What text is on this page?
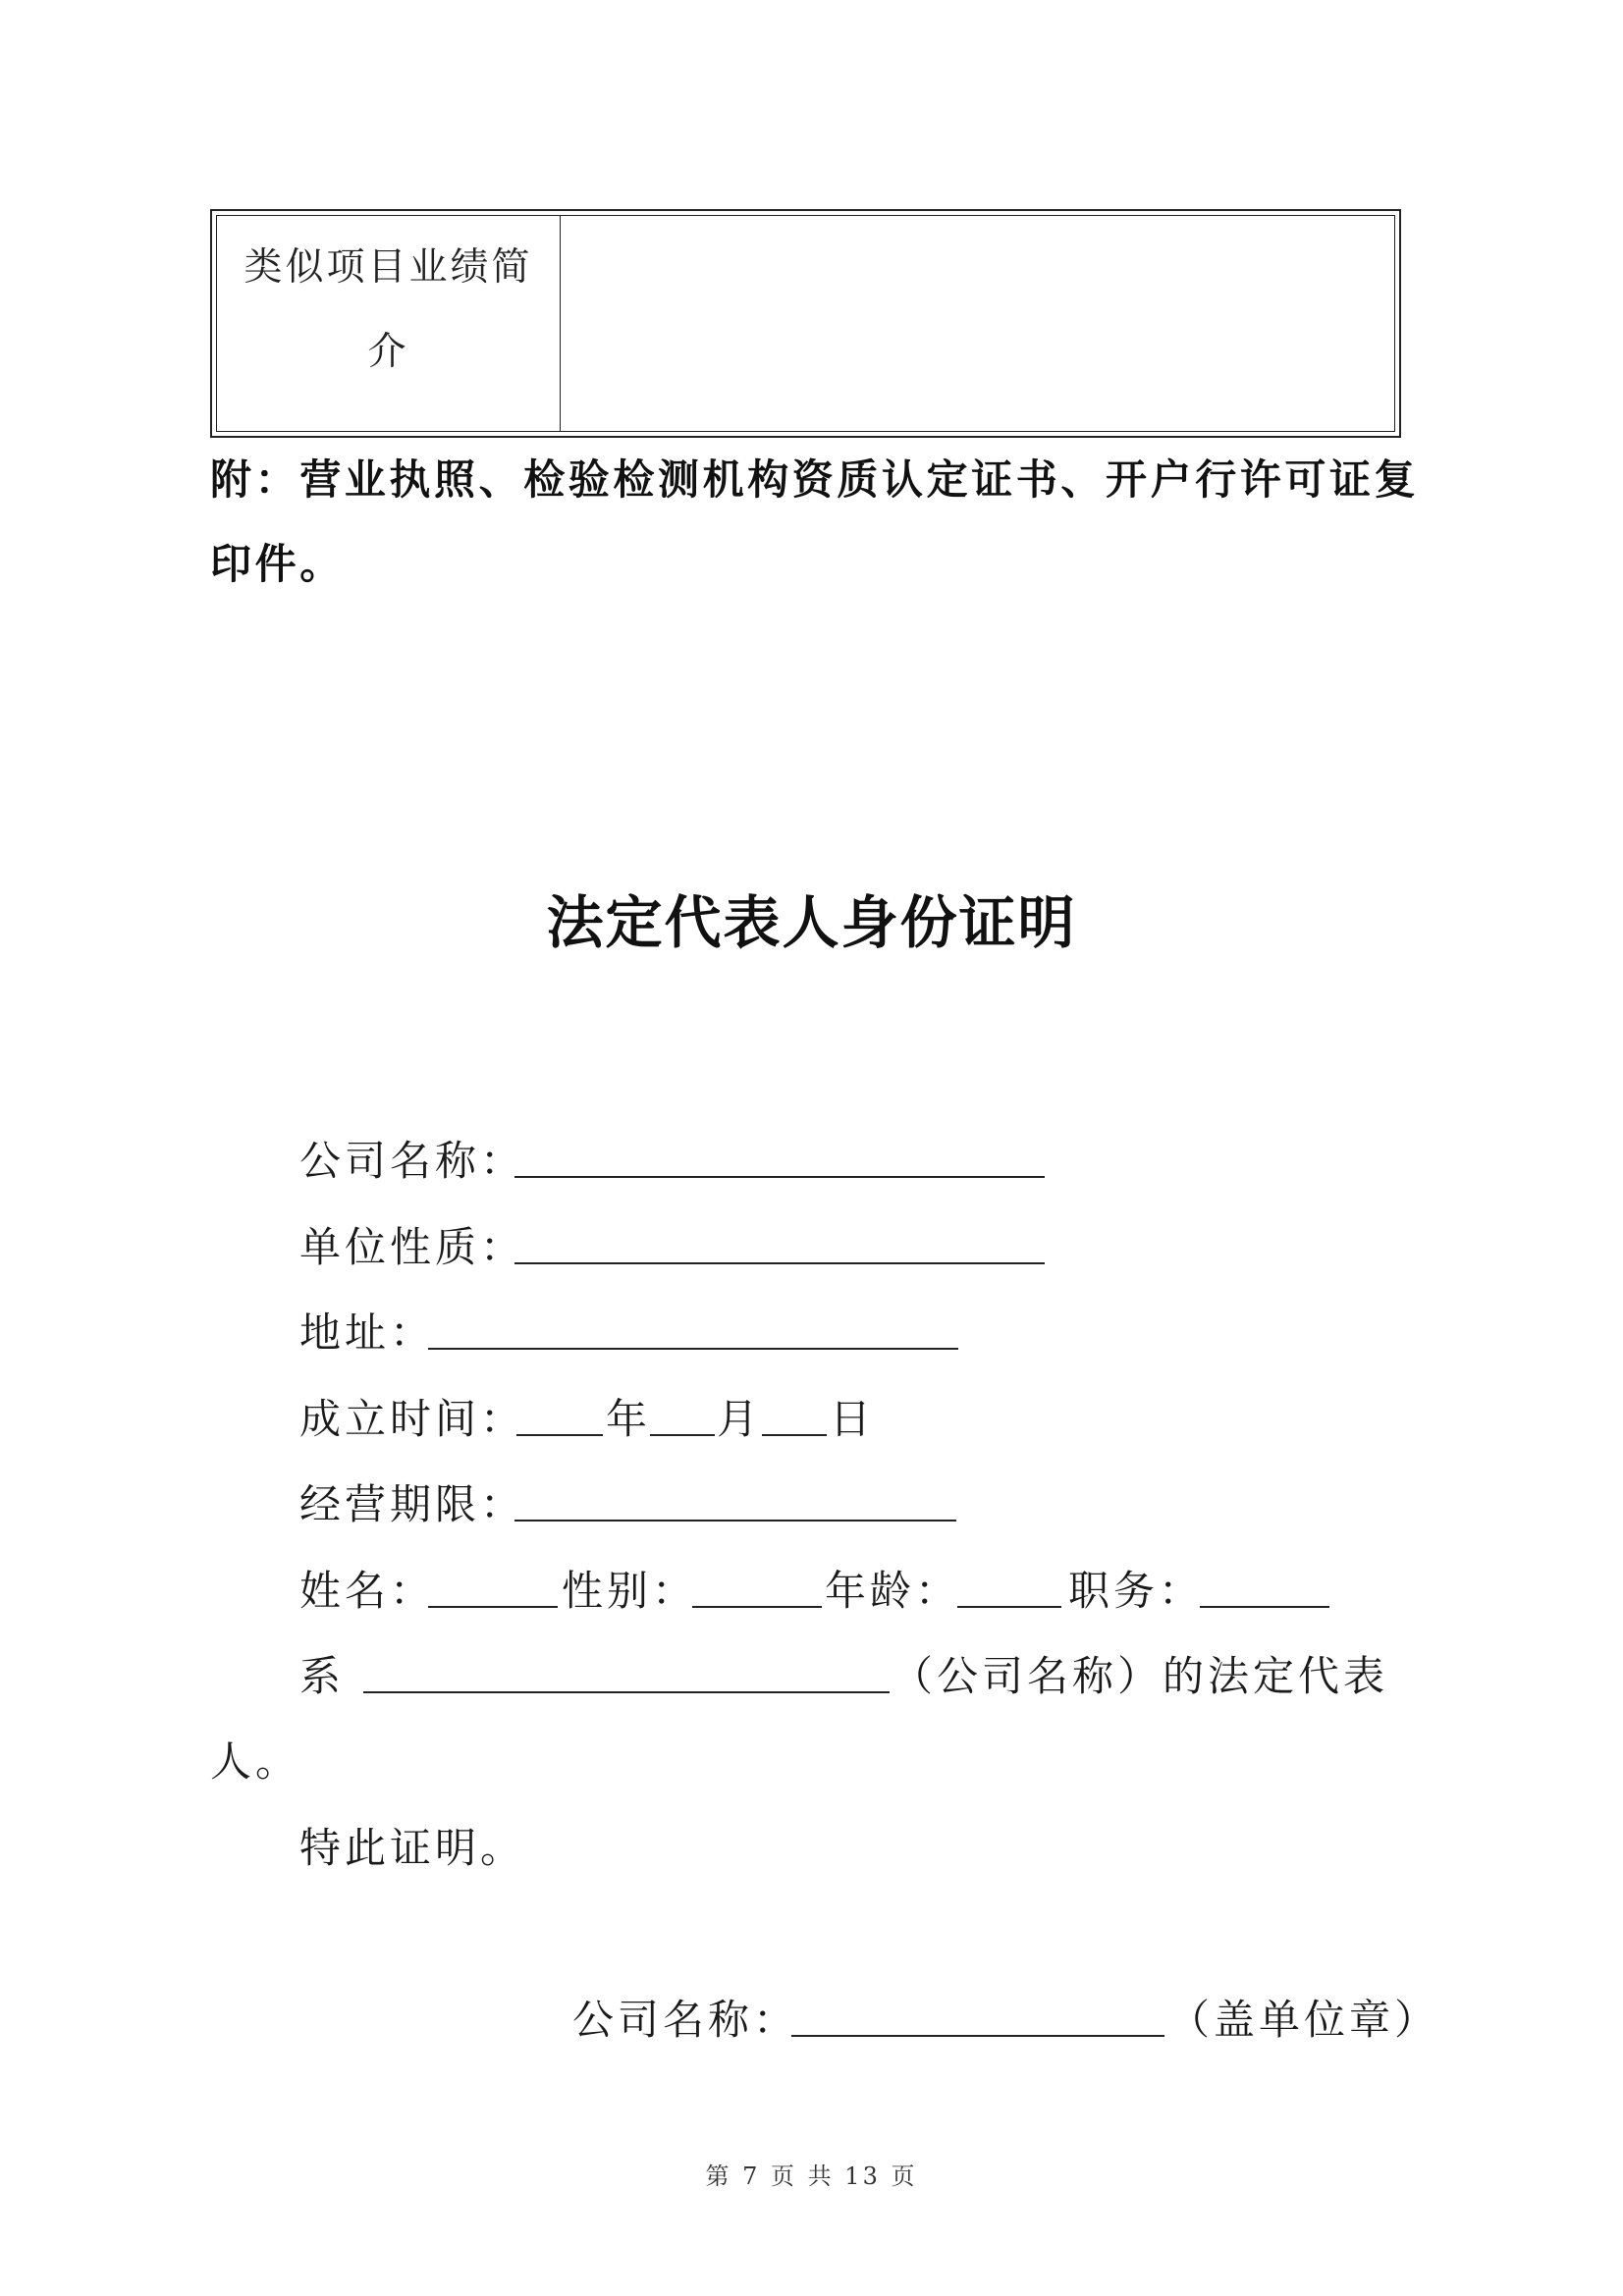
类似项目业绩简介
附：营业执照、检验检测机构资质认定证书、开户行许可证复
印件。
法定代表人身份证明
公司名称：
单位性质：
地址：
成立时间： 年 月 日
经营期限：
姓名：	性别：	年龄：	职务：
系	（公司名称）的法定代表
人。
特此证明。
公司名称：	（盖单位章）
第 7 页 共 13 页
